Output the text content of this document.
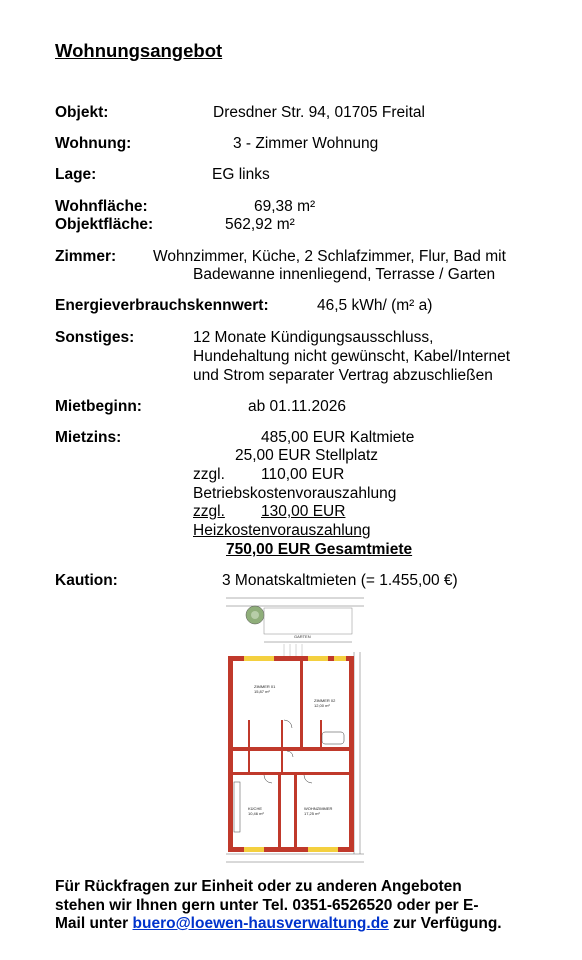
Wohnungsangebot
Objekt:	Dresdner Str. 94, 01705 Freital
Wohnung:	3 - Zimmer Wohnung
Lage:	EG links
Wohnfläche:	69,38 m²
Objektfläche:	562,92 m²
Zimmer: Wohnzimmer, Küche, 2 Schlafzimmer, Flur, Bad mit
Badewanne innenliegend, Terrasse / Garten
Energieverbrauchskennwert:	46,5 kWh/ (m² a)
Sonstiges:	12 Monate Kündigungsausschluss,
Hundehaltung nicht gewünscht, Kabel/Internet
und Strom separater Vertrag abzuschließen
Mietbeginn:	ab 01.11.2026
Mietzins:	485,00 EUR Kaltmiete
25,00 EUR Stellplatz
zzgl. 110,00 EUR
Betriebskostenvorauszahlung
zzgl. 130,00 EUR
Heizkostenvorauszahlung
750,00 EUR Gesamtmiete
Kaution:	3 Monatskaltmieten (= 1.455,00 €)
GARTEN
ZIMMER 01
15,87 m²
ZIMMER 02
12,00 m²
KÜCHE
10,46 m²
WOHNZIMMER
17,25 m²
Für Rückfragen zur Einheit oder zu anderen Angeboten
stehen wir Ihnen gern unter Tel. 0351-6526520 oder per E-
Mail unter buero@loewen-hausverwaltung.de zur Verfügung.
